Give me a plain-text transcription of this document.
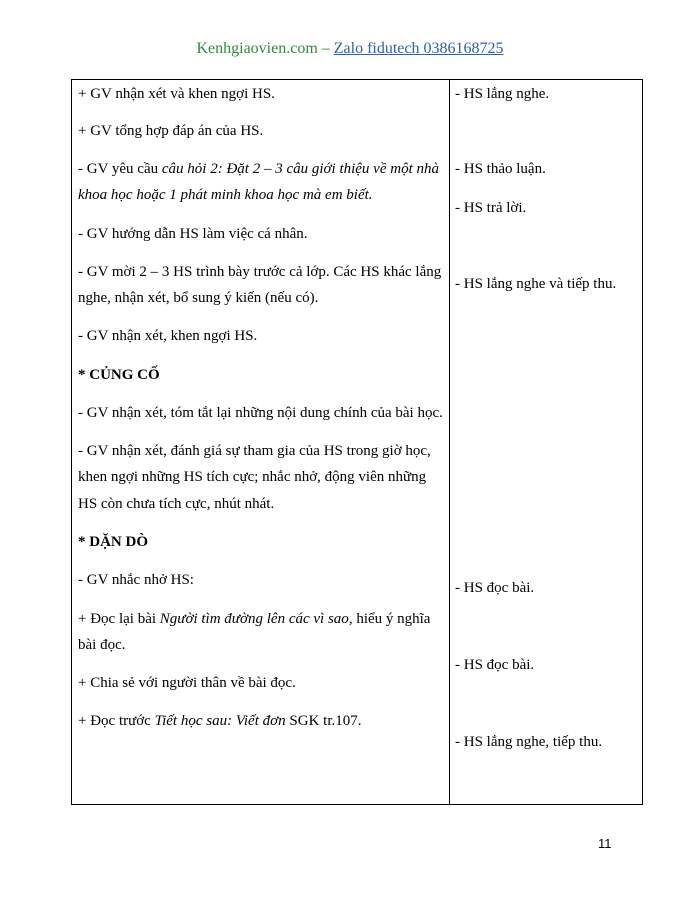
Kenhgiaovien.com – Zalo fidutech 0386168725
+ GV nhận xét và khen ngợi HS.
+ GV tổng hợp đáp án của HS.
- GV yêu cầu câu hỏi 2: Đặt 2 – 3 câu giới thiệu về một nhà
khoa học hoặc 1 phát minh khoa học mà em biết.
- GV hướng dẫn HS làm việc cá nhân.
- GV mời 2 – 3 HS trình bày trước cả lớp. Các HS khác lắng
nghe, nhận xét, bổ sung ý kiến (nếu có).
- GV nhận xét, khen ngợi HS.
* CỦNG CỐ
- GV nhận xét, tóm tắt lại những nội dung chính của bài học.
- GV nhận xét, đánh giá sự tham gia của HS trong giờ học,
khen ngợi những HS tích cực; nhắc nhở, động viên những
HS còn chưa tích cực, nhút nhát.
* DẶN DÒ
- GV nhắc nhở HS:
+ Đọc lại bài Người tìm đường lên các vì sao, hiểu ý nghĩa
bài đọc.
+ Chia sẻ với người thân về bài đọc.
+ Đọc trước Tiết học sau: Viết đơn SGK tr.107.
- HS lắng nghe.
- HS thảo luận.
- HS trả lời.
- HS lắng nghe và tiếp thu.
- HS đọc bài.
- HS đọc bài.
- HS lắng nghe, tiếp thu.
11
